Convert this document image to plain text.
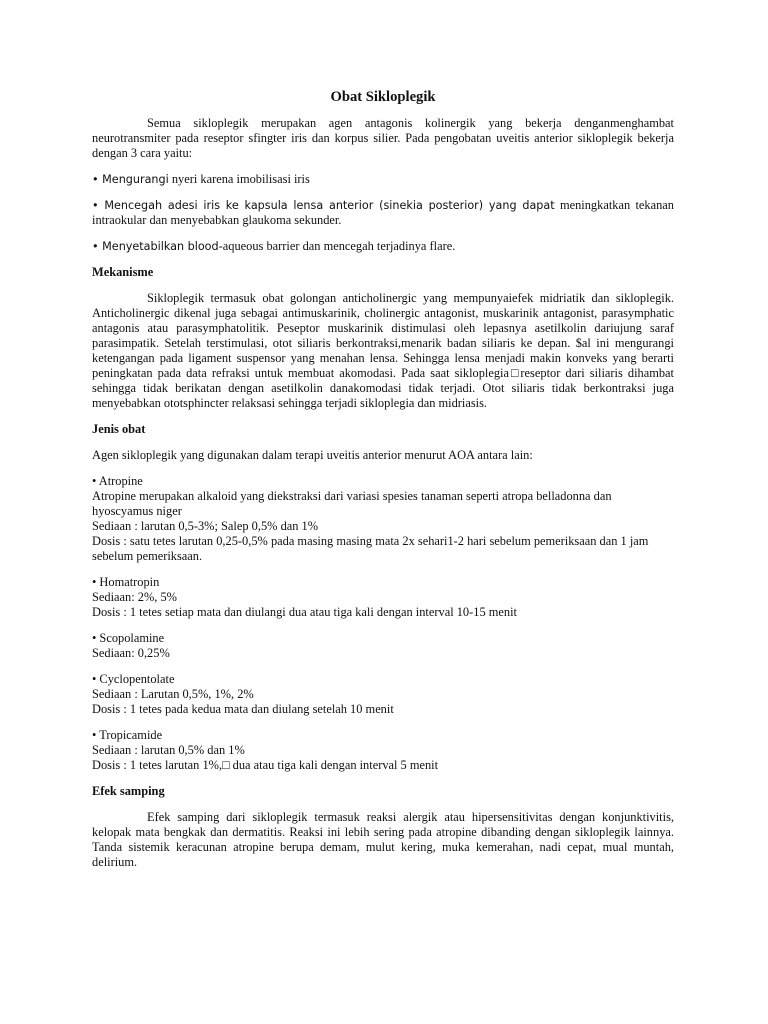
Obat Sikloplegik

Semua sikloplegik merupakan agen antagonis kolinergik yang bekerja denganmenghambat neurotransmiter pada reseptor sfingter iris dan korpus silier. Pada pengobatan uveitis anterior sikloplegik bekerja dengan 3 cara yaitu:

• Mengurangi nyeri karena imobilisasi iris

• Mencegah adesi iris ke kapsula lensa anterior (sinekia posterior) yang dapat meningkatkan tekanan intraokular dan menyebabkan glaukoma sekunder.

• Menyetabilkan blood-aqueous barrier dan mencegah terjadinya flare.

Mekanisme

Sikloplegik termasuk obat golongan anticholinergic yang mempunyaiefek midriatik dan sikloplegik. Anticholinergic dikenal juga sebagai antimuskarinik, cholinergic antagonist, muskarinik antagonist, parasymphatic antagonis atau parasymphatolitik. Peseptor muskarinik distimulasi oleh lepasnya asetilkolin dariujung saraf parasimpatik. Setelah terstimulasi, otot siliaris berkontraksi,menarik badan siliaris ke depan. $al ini mengurangi ketengangan pada ligament suspensor yang menahan lensa. Sehingga lensa menjadi makin konveks yang berarti peningkatan pada data refraksi untuk membuat akomodasi. Pada saat sikloplegia□reseptor dari siliaris dihambat sehingga tidak berikatan dengan asetilkolin danakomodasi tidak terjadi. Otot siliaris tidak berkontraksi juga menyebabkan ototsphincter relaksasi sehingga terjadi sikloplegia dan midriasis.

Jenis obat

Agen sikloplegik yang digunakan dalam terapi uveitis anterior menurut AOA antara lain:

• Atropine

Atropine merupakan alkaloid yang diekstraksi dari variasi spesies tanaman seperti atropa belladonna dan hyoscyamus niger

Sediaan : larutan 0,5-3%; Salep 0,5% dan 1%

Dosis : satu tetes larutan 0,25-0,5% pada masing masing mata 2x sehari1-2 hari sebelum pemeriksaan dan 1 jam sebelum pemeriksaan.

• Homatropin

Sediaan: 2%, 5%

Dosis : 1 tetes setiap mata dan diulangi dua atau tiga kali dengan interval 10-15 menit

• Scopolamine

Sediaan: 0,25%

• Cyclopentolate

Sediaan : Larutan 0,5%, 1%, 2%

Dosis : 1 tetes pada kedua mata dan diulang setelah 10 menit

• Tropicamide

Sediaan : larutan 0,5% dan 1%

Dosis : 1 tetes larutan 1%,□ dua atau tiga kali dengan interval 5 menit

Efek samping

Efek samping dari sikloplegik termasuk reaksi alergik atau hipersensitivitas dengan konjunktivitis, kelopak mata bengkak dan dermatitis. Reaksi ini lebih sering pada atropine dibanding dengan sikloplegik lainnya. Tanda sistemik keracunan atropine berupa demam, mulut kering, muka kemerahan, nadi cepat, mual muntah, delirium.
